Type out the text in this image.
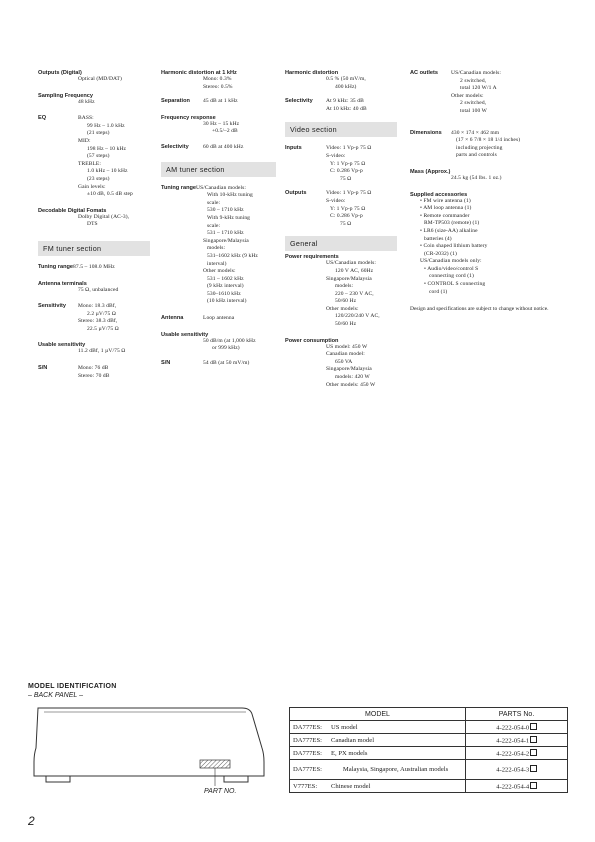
Outputs (Digital)
Optical (MD/DAT)
Sampling Frequency
48 kHz
EQ	BASS:
99 Hz – 1.0 kHz
(21 steps)
MID:
198 Hz – 10 kHz
(57 steps)
TREBLE:
1.0 kHz – 10 kHz
(23 steps)
Gain levels:
±10 dB, 0.5 dB step
Decodable Digital Fomats
Dolby Digital (AC-3),
DTS
FM tuner section
Tuning range 87.5 – 108.0 MHz
Antenna terminals
75 Ω, unbalanced
Sensitivity	Mono: 18.3 dBf,
2.2 µV/75 Ω
Stereo: 38.3 dBf,
22.5 µV/75 Ω
Usable sensitivity
11.2 dBf, 1 µV/75 Ω
S/N	Mono: 76 dB
Stereo: 70 dB
Harmonic distortion at 1 kHz
Mono: 0.3%
Stereo: 0.5%
Separation	45 dB at 1 kHz
Frequency response
30 Hz – 15 kHz
+0.5/–2 dB
Selectivity	60 dB at 400 kHz
AM tuner section
Tuning range US/Canadian models:
With 10-kHz tuning
scale:
530 – 1710 kHz
With 9-kHz tuning
scale:
531 – 1710 kHz
Singapore/Malaysia
models:
531–1602 kHz (9 kHz
interval)
Other models:
531 – 1602 kHz
(9 kHz interval)
530–1610 kHz
(10 kHz interval)
Antenna	Loop antenna
Usable sensitivity
50 dB/m (at 1,000 kHz
or 999 kHz)
S/N	54 dB (at 50 mV/m)
Harmonic distortion
0.5 % (50 mV/m,
400 kHz)
Selectivity	At 9 kHz: 35 dB
At 10 kHz: 40 dB
Video section
Inputs	Video: 1 Vp-p 75 Ω
S-video:
Y: 1 Vp-p 75 Ω
C: 0.286 Vp-p
75 Ω
Outputs	Video: 1 Vp-p 75 Ω
S-video:
Y: 1 Vp-p 75 Ω
C: 0.286 Vp-p
75 Ω
General
Power requirements
US/Canadian models:
120 V AC, 60Hz
Singapore/Malaysia
models:
220 – 230 V AC,
50/60 Hz
Other models:
120/220/240 V AC,
50/60 Hz
Power consumption
US model: 450 W
Canadian model:
650 VA
Singapore/Malaysia
models: 420 W
Other models: 450 W
AC outlets	US/Canadian models:
2 switched,
total 120 W/1 A
Other models:
2 switched,
total 100 W
Dimensions	430 × 174 × 462 mm
(17 × 6 7/8 × 18 1/4 inches)
including projecting
parts and controls
Mass (Approx.)
24.5 kg (54 lbs. 1 oz.)
Supplied accessories
• FM wire antenna (1)
• AM loop antenna (1)
• Remote commander
RM-TP503 (remote) (1)
• LR6 (size-AA) alkaline
batteries (4)
• Coin shaped lithium battery
(CR-2032) (1)
US/Canadian models only:
• Audio/video/control S
connecting cord (1)
• CONTROL S connecting
cord (1)
Design and specifications are subject to change without notice.
MODEL IDENTIFICATION
– BACK PANEL –
PART NO.
MODEL	PARTS No.

DA777ES: US model	4-222-054-0

DA777ES: Canadian model	4-222-054-1

DA777ES: E, PX models	4-222-054-2

DA777ES: Malaysia, Singapore, Australian models	4-222-054-3

V777ES: Chinese model	4-222-054-4
2
